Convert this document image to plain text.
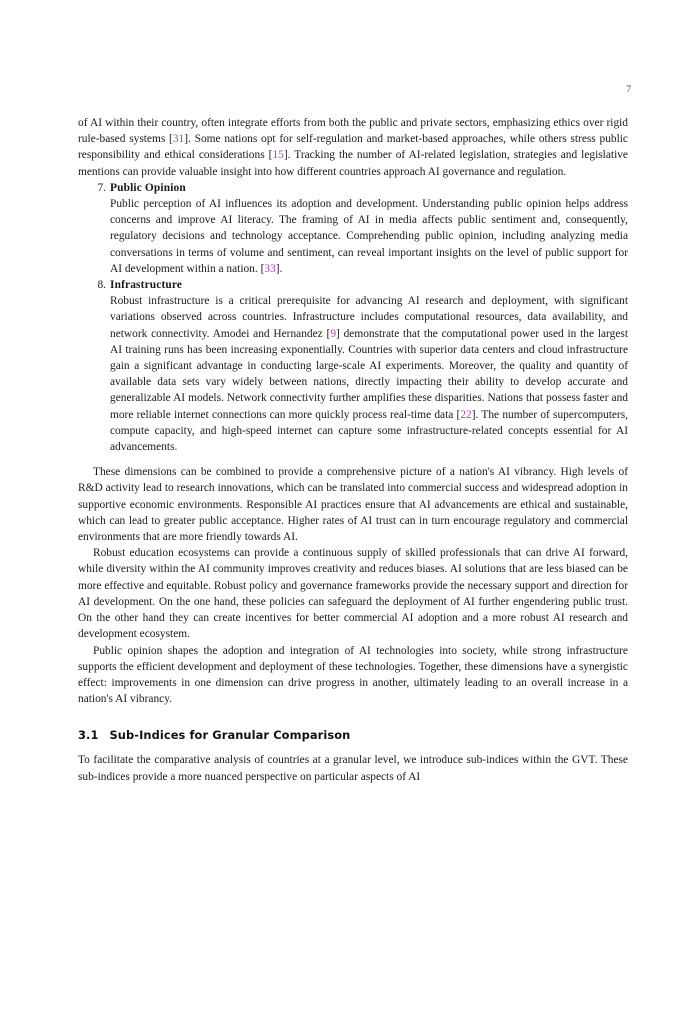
7

of AI within their country, often integrate efforts from both the public and private sectors, emphasizing ethics over rigid rule-based systems [31]. Some nations opt for self-regulation and market-based approaches, while others stress public responsibility and ethical considerations [15]. Tracking the number of AI-related legislation, strategies and legislative mentions can provide valuable insight into how different countries approach AI governance and regulation.

7. Public Opinion

Public perception of AI influences its adoption and development. Understanding public opinion helps address concerns and improve AI literacy. The framing of AI in media affects public sentiment and, consequently, regulatory decisions and technology acceptance. Comprehending public opinion, including analyzing media conversations in terms of volume and sentiment, can reveal important insights on the level of public support for AI development within a nation. [33].

8. Infrastructure

Robust infrastructure is a critical prerequisite for advancing AI research and deployment, with significant variations observed across countries. Infrastructure includes computational resources, data availability, and network connectivity. Amodei and Hernandez [9] demonstrate that the computational power used in the largest AI training runs has been increasing exponentially. Countries with superior data centers and cloud infrastructure gain a significant advantage in conducting large-scale AI experiments. Moreover, the quality and quantity of available data sets vary widely between nations, directly impacting their ability to develop accurate and generalizable AI models. Network connectivity further amplifies these disparities. Nations that possess faster and more reliable internet connections can more quickly process real-time data [22]. The number of supercomputers, compute capacity, and high-speed internet can capture some infrastructure-related concepts essential for AI advancements.

These dimensions can be combined to provide a comprehensive picture of a nation's AI vibrancy. High levels of R&D activity lead to research innovations, which can be translated into commercial success and widespread adoption in supportive economic environments. Responsible AI practices ensure that AI advancements are ethical and sustainable, which can lead to greater public acceptance. Higher rates of AI trust can in turn encourage regulatory and commercial environments that are more friendly towards AI.

Robust education ecosystems can provide a continuous supply of skilled professionals that can drive AI forward, while diversity within the AI community improves creativity and reduces biases. AI solutions that are less biased can be more effective and equitable. Robust policy and governance frameworks provide the necessary support and direction for AI development. On the one hand, these policies can safeguard the deployment of AI further engendering public trust. On the other hand they can create incentives for better commercial AI adoption and a more robust AI research and development ecosystem.

Public opinion shapes the adoption and integration of AI technologies into society, while strong infrastructure supports the efficient development and deployment of these technologies. Together, these dimensions have a synergistic effect: improvements in one dimension can drive progress in another, ultimately leading to an overall increase in a nation's AI vibrancy.

3.1 Sub-Indices for Granular Comparison

To facilitate the comparative analysis of countries at a granular level, we introduce sub-indices within the GVT. These sub-indices provide a more nuanced perspective on particular aspects of AI
